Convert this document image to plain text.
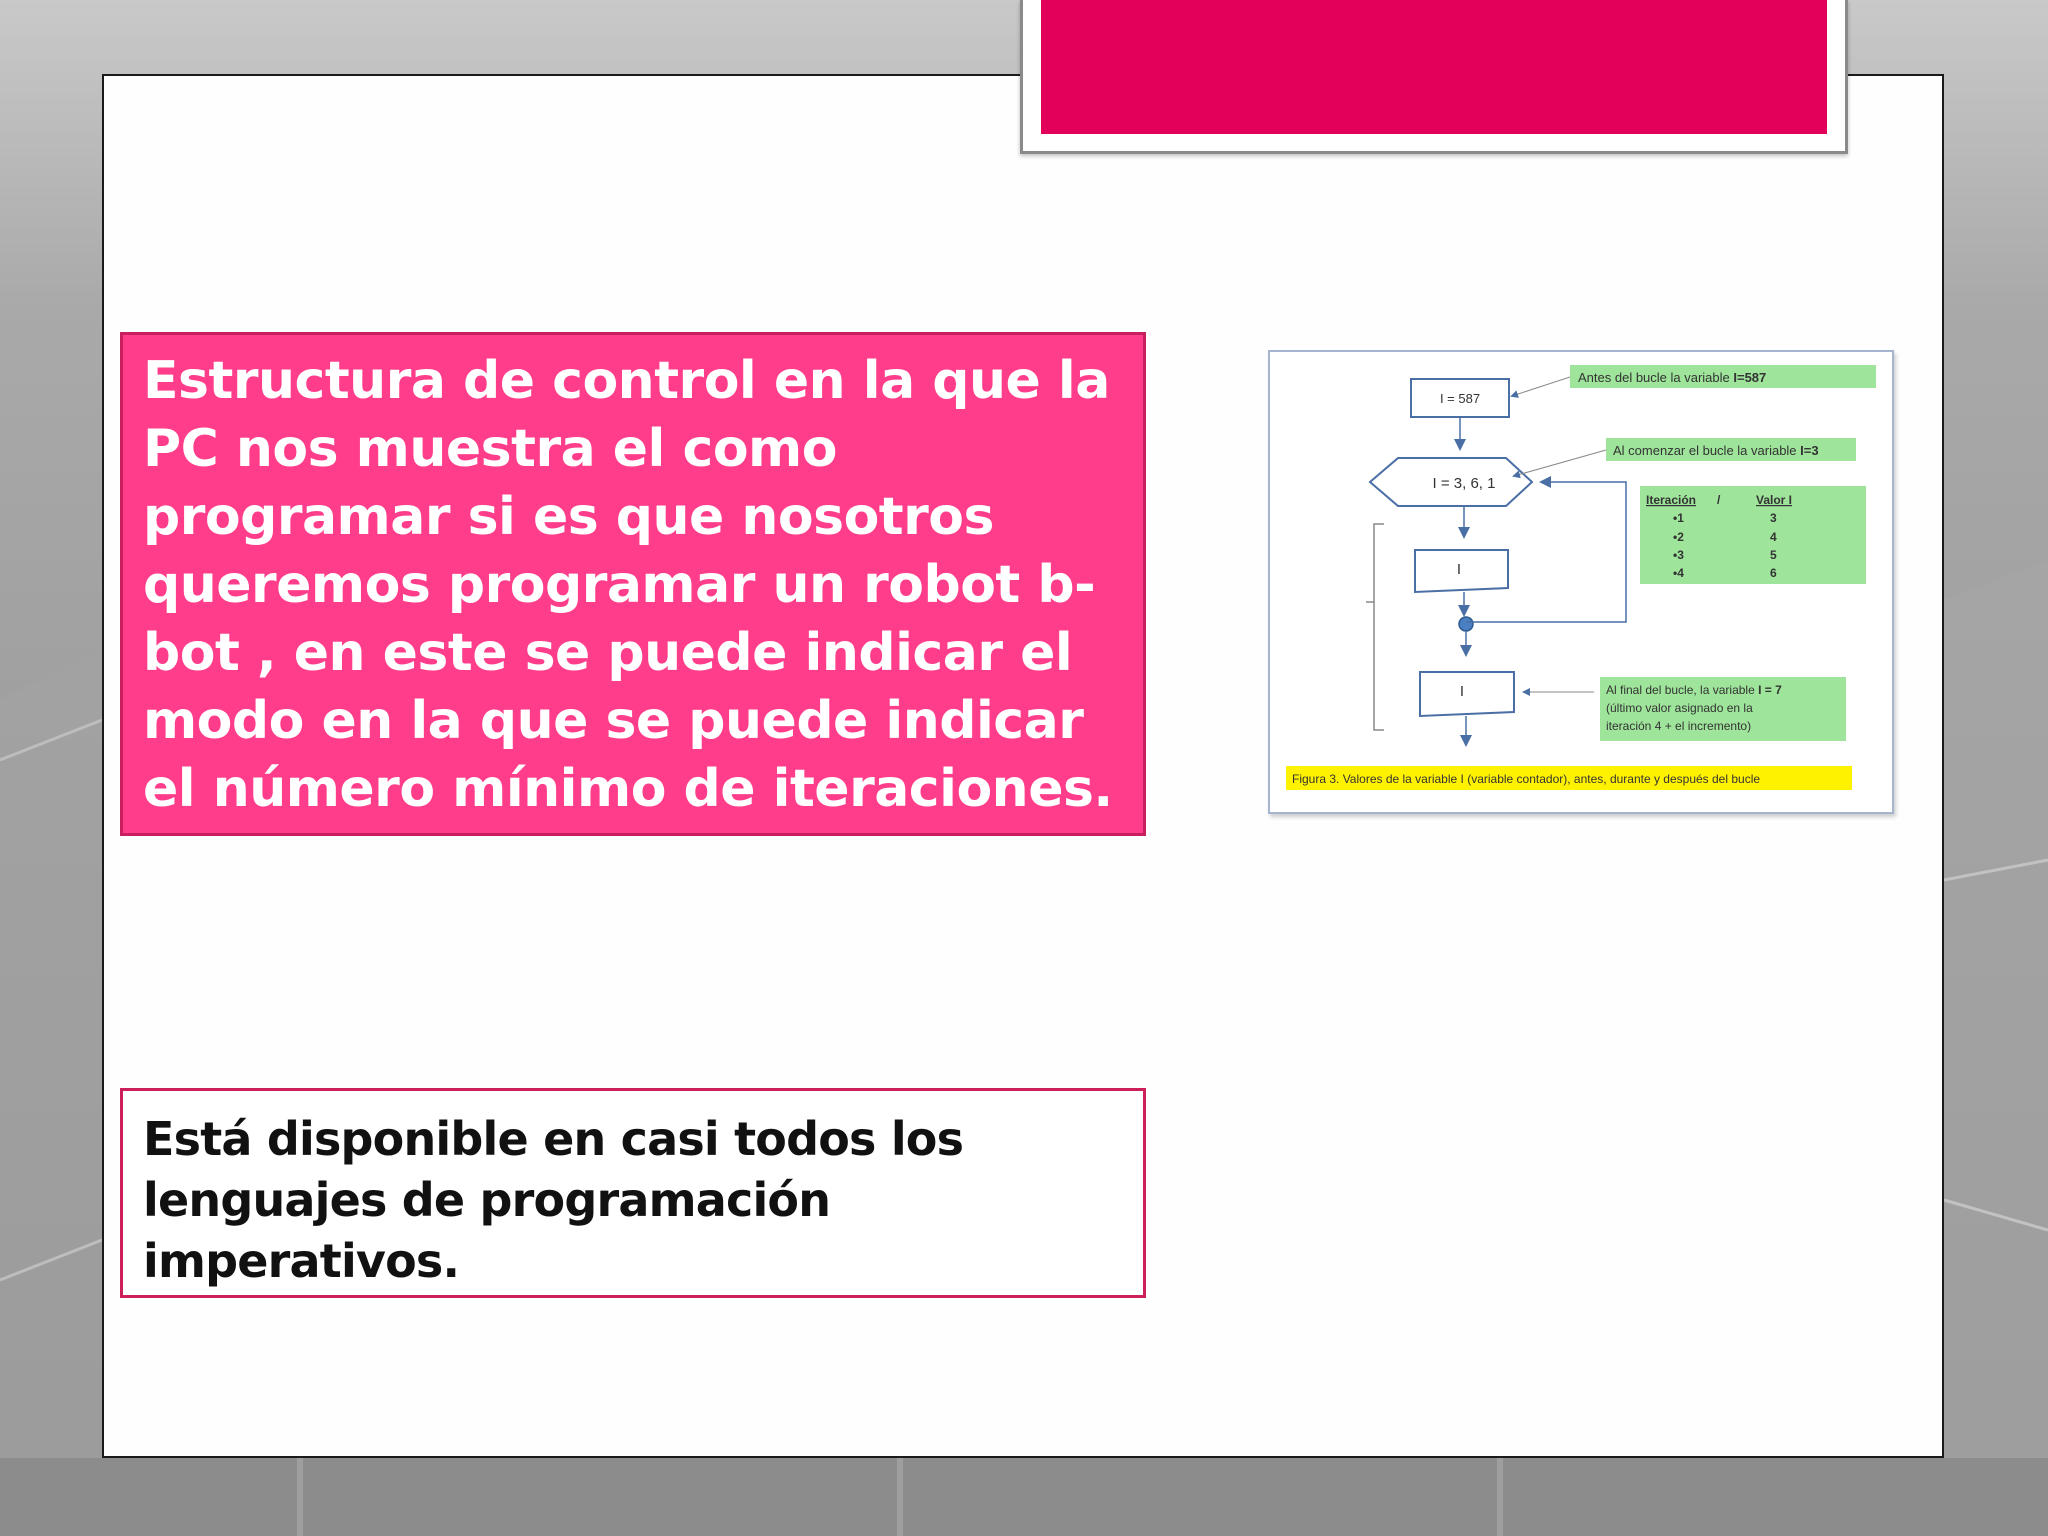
Estructura de control en la que la PC nos muestra el como programar si es que nosotros queremos programar un robot b-bot , en este se puede indicar el modo en la que se puede indicar el número mínimo de iteraciones.

Está disponible en casi todos los lenguajes de programación imperativos.

Antes del bucle la variable I=587
Al comenzar el bucle la variable I=3
Iteración /	Valor I
•1	3
•2	4
•3	5
•4	6
Al final del bucle, la variable I = 7
(último valor asignado en la
iteración 4 + el incremento)
I = 587
I = 3, 6, 1
I
I
Figura 3. Valores de la variable I (variable contador), antes, durante y después del bucle
